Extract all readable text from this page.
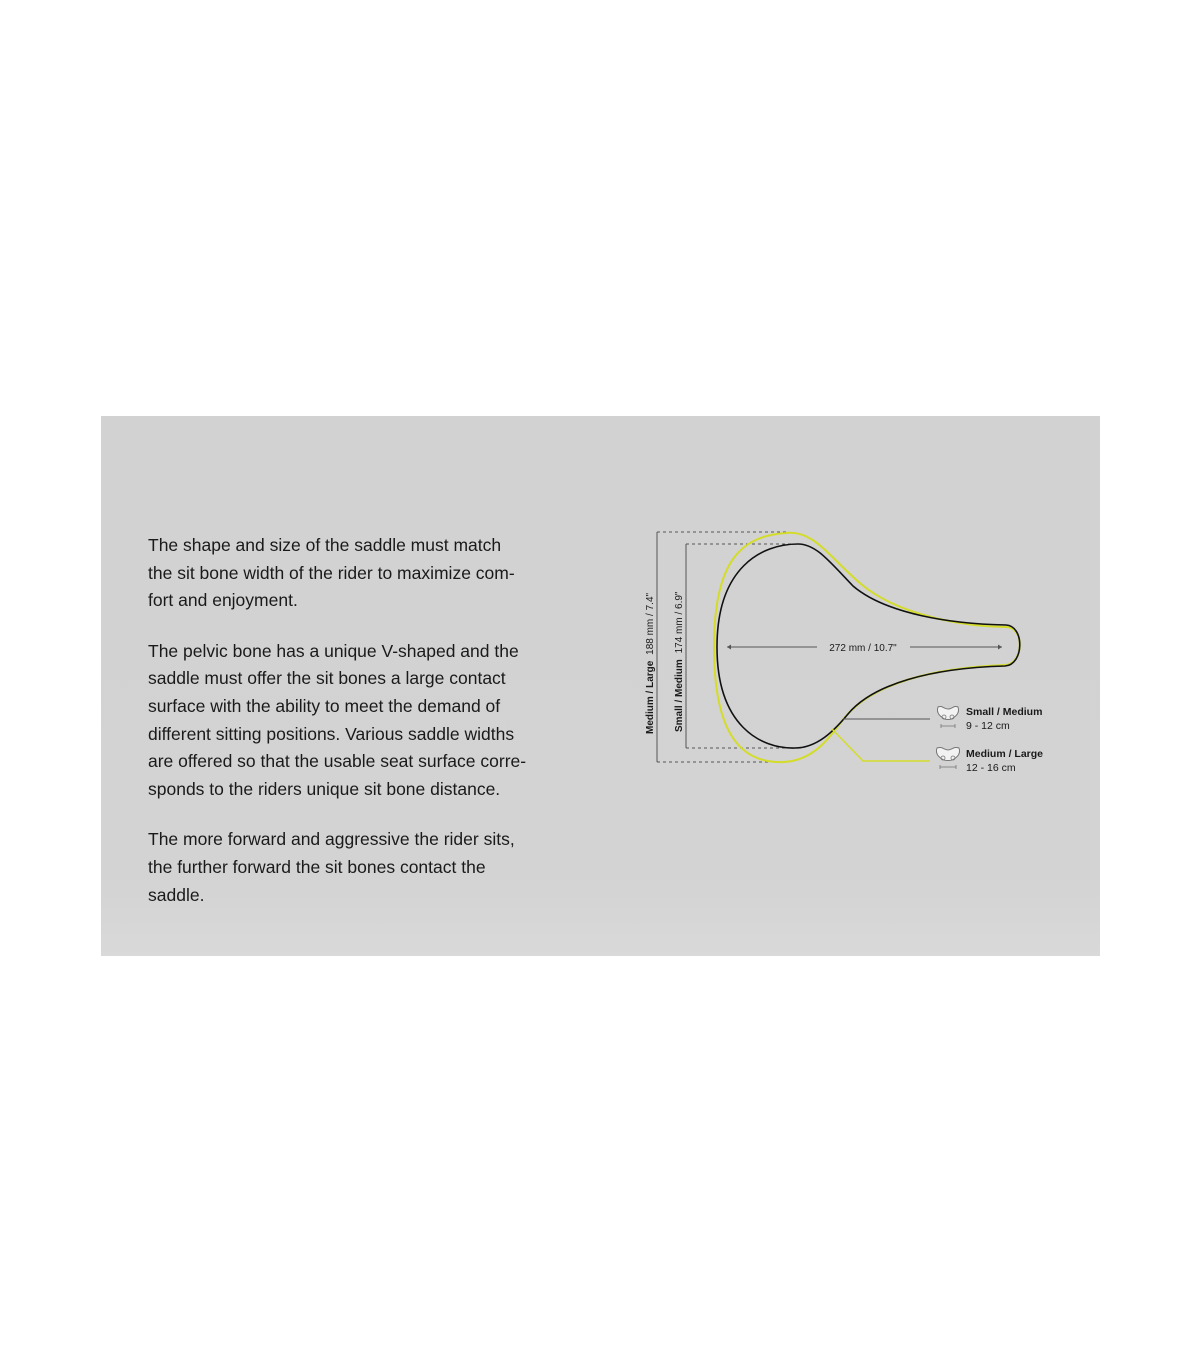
The shape and size of the saddle must match
the sit bone width of the rider to maximize com-
fort and enjoyment.

The pelvic bone has a unique V-shaped and the
saddle must offer the sit bones a large contact
surface with the ability to meet the demand of
different sitting positions. Various saddle widths
are offered so that the usable seat surface corre-
sponds to the riders unique sit bone distance.

The more forward and aggressive the rider sits,
the further forward the sit bones contact the
saddle.

Medium / Large 188 mm / 7.4"
Small / Medium 174 mm / 6.9"	272 mm / 10.7"
Small / Medium
9 - 12 cm
Medium / Large
12 - 16 cm
